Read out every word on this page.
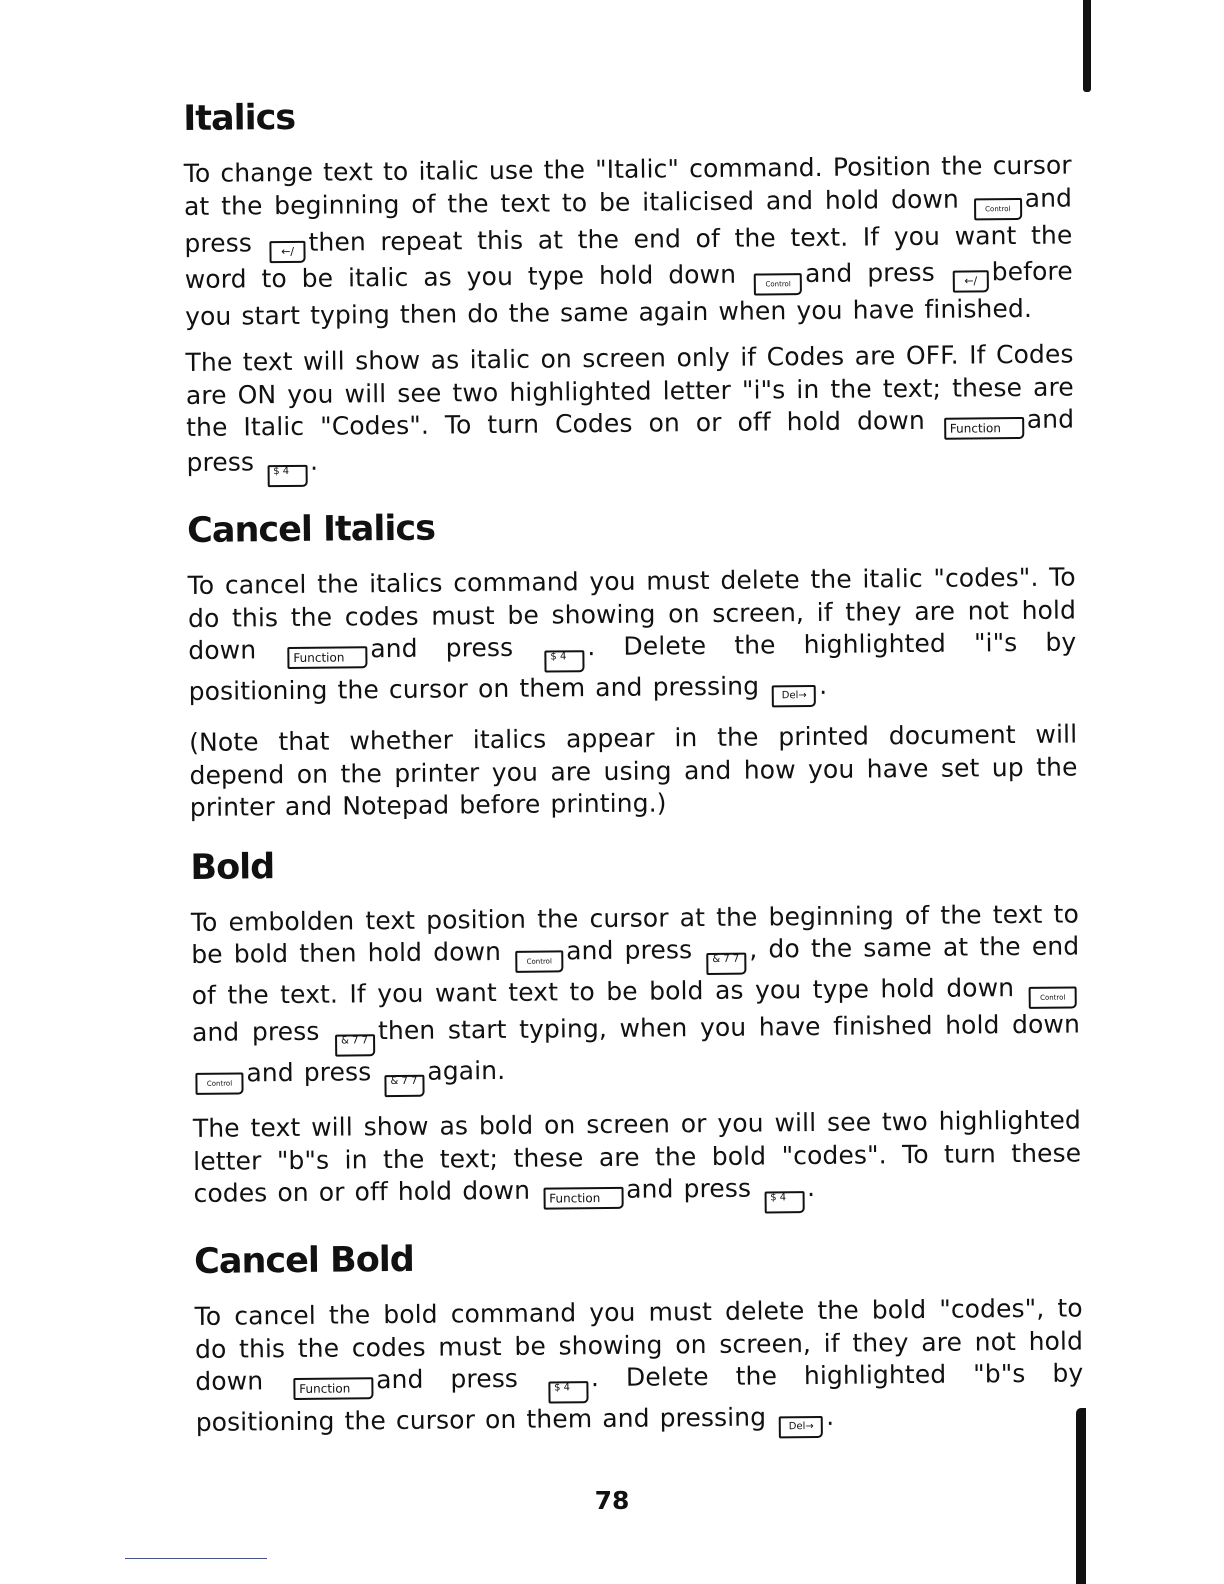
Italics

To change text to italic use the "Italic" command. Position the cursor at the beginning of the text to be italicised and hold down	Control and press	←/ then repeat this at the end of the text. If you want the word to be italic as you type hold down	Control and press	←/ before you start typing then do the same again when you have finished.

The text will show as italic on screen only if Codes are OFF. If Codes are ON you will see two highlighted letter "i"s in the text; these are the Italic "Codes". To turn Codes on or off hold down Function and press $ 4 .

Cancel Italics

To cancel the italics command you must delete the italic "codes". To do this the codes must be showing on screen, if they are not hold down	Function and press	$ 4 . Delete the highlighted "i"s by positioning the cursor on them and pressing Del→ .

(Note that whether italics appear in the printed document will depend on the printer you are using and how you have set up the printer and Notepad before printing.)

Bold

To embolden text position the cursor at the beginning of the text to be bold then hold down	Control and press & 7 7 , do the same at the end of the text. If you want text to be bold as you type hold down	Controland press & 7 7 then start typing, when you have finished hold down Control and press & 7 7 again.

The text will show as bold on screen or you will see two highlighted letter "b"s in the text; these are the bold "codes". To turn these codes on or off hold down Function and press $ 4 .

Cancel Bold

To cancel the bold command you must delete the bold "codes", to do this the codes must be showing on screen, if they are not hold down	Function and press	$ 4 . Delete the highlighted "b"s by positioning the cursor on them and pressing Del→ .

78
